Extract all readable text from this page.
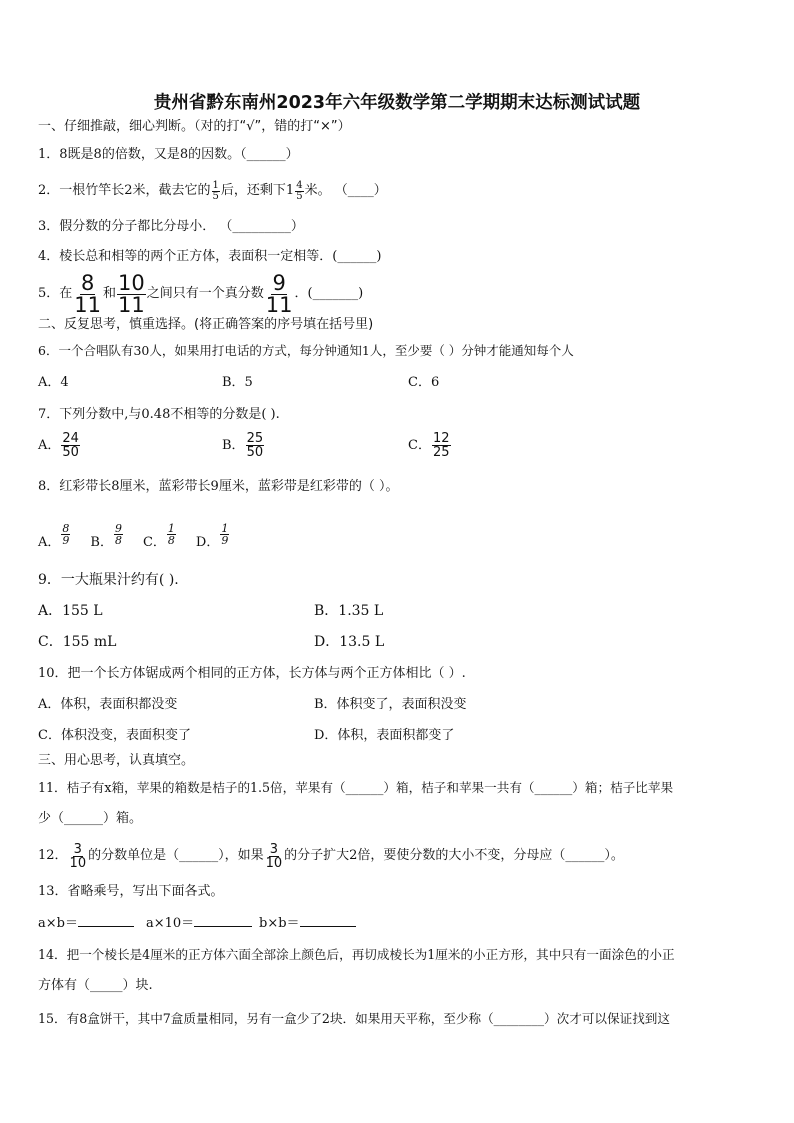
贵州省黔东南州2023年六年级数学第二学期期末达标测试试题
一、仔细推敲，细心判断。（对的打“√”，错的打“×”）
1．8既是8的倍数，又是8的因数。（______）
2．一根竹竿长2米，截去它的 $\frac{1}{5}$ 后，还剩下$1 \frac{4}{5}$ 米。 （____）
3．假分数的分子都比分母小． （_________）
4．棱长总和相等的两个正方体，表面积一定相等．(______)
5．在 $\frac{8}{11}$ 和 $\frac{10}{11}$ 之间只有一个真分数 $\frac{9}{11}$ ．(_______)
二、反复思考，慎重选择。(将正确答案的序号填在括号里)
6．一个合唱队有30人，如果用打电话的方式，每分钟通知1人，至少要（ ）分钟才能通知每个人
A．4	B．5	C．6
7．下列分数中,与0.48不相等的分数是( ).
A． $\frac{24}{50}$	B． $\frac{25}{50}$	C． $\frac{12}{25}$
8．红彩带长8厘米，蓝彩带长9厘米，蓝彩带是红彩带的（ ）。
A． $\frac{8}{9}$ B． $\frac{9}{8}$ C． $\frac{1}{8}$ D． $\frac{1}{9}$
9．一大瓶果汁约有( ).
A．155 L	B．1.35 L
C．155 mL	D．13.5 L
10．把一个长方体锯成两个相同的正方体，长方体与两个正方体相比（ ）.
A．体积，表面积都没变	B．体积变了，表面积没变
C．体积没变，表面积变了	D．体积，表面积都变了
三、用心思考，认真填空。
11．桔子有x箱，苹果的箱数是桔子的1.5倍，苹果有（______）箱，桔子和苹果一共有（______）箱；桔子比苹果
少（______）箱。
12． $\frac{3}{10}$ 的分数单位是（______），如果 $\frac{3}{10}$ 的分子扩大2倍，要使分数的大小不变，分母应（______）。
13．省略乘号，写出下面各式。
a×b＝	a×10＝	b×b＝
14．把一个棱长是4厘米的正方体六面全部涂上颜色后，再切成棱长为1厘米的小正方形，其中只有一面涂色的小正
方体有（_____）块.
15．有8盒饼干，其中7盒质量相同，另有一盒少了2块．如果用天平称，至少称（________）次才可以保证找到这
